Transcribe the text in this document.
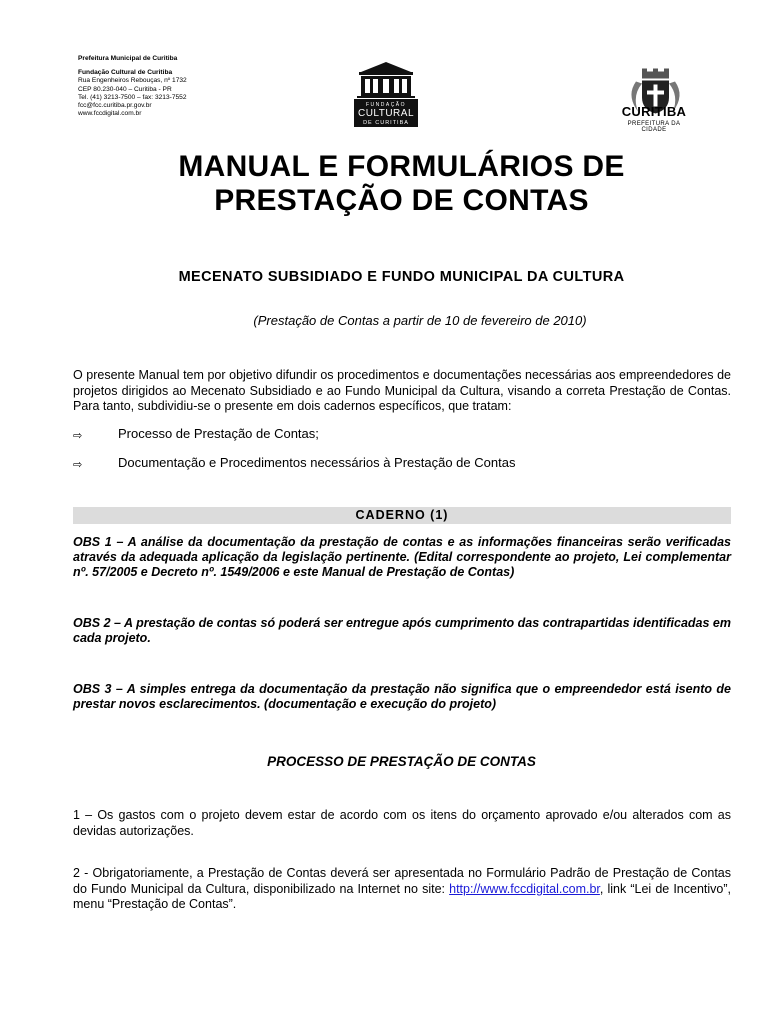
Prefeitura Municipal de Curitiba
Fundação Cultural de Curitiba
Rua Engenheiros Rebouças, nº 1732
CEP 80.230-040 – Curitiba - PR
Tel. (41) 3213-7500 – fax: 3213-7552
fcc@fcc.curitiba.pr.gov.br
www.fccdigital.com.br
FUNDAÇÃO
CULTURAL
DE CURITIBA
CURITIBA
PREFEITURA DA CIDADE
MANUAL E FORMULÁRIOS DE
PRESTAÇÃO DE CONTAS
MECENATO SUBSIDIADO E FUNDO MUNICIPAL DA CULTURA
(Prestação de Contas a partir de 10 de fevereiro de 2010)
O presente Manual tem por objetivo difundir os procedimentos e documentações necessárias aos empreendedores de projetos dirigidos ao Mecenato Subsidiado e ao Fundo Municipal da Cultura, visando a correta Prestação de Contas. Para tanto, subdividiu-se o presente em dois cadernos específicos, que tratam:
⇨	Processo de Prestação de Contas;
⇨	Documentação e Procedimentos necessários à Prestação de Contas
CADERNO (1)
OBS 1 – A análise da documentação da prestação de contas e as informações financeiras serão verificadas através da adequada aplicação da legislação pertinente. (Edital correspondente ao projeto, Lei complementar nº. 57/2005 e Decreto nº. 1549/2006 e este Manual de Prestação de Contas)
OBS 2 – A prestação de contas só poderá ser entregue após cumprimento das contrapartidas identificadas em cada projeto.
OBS 3 – A simples entrega da documentação da prestação não significa que o empreendedor está isento de prestar novos esclarecimentos. (documentação e execução do projeto)
PROCESSO DE PRESTAÇÃO DE CONTAS
1 – Os gastos com o projeto devem estar de acordo com os itens do orçamento aprovado e/ou alterados com as devidas autorizações.
2 - Obrigatoriamente, a Prestação de Contas deverá ser apresentada no Formulário Padrão de Prestação de Contas do Fundo Municipal da Cultura, disponibilizado na Internet no site: http://www.fccdigital.com.br, link “Lei de Incentivo”, menu “Prestação de Contas”.
